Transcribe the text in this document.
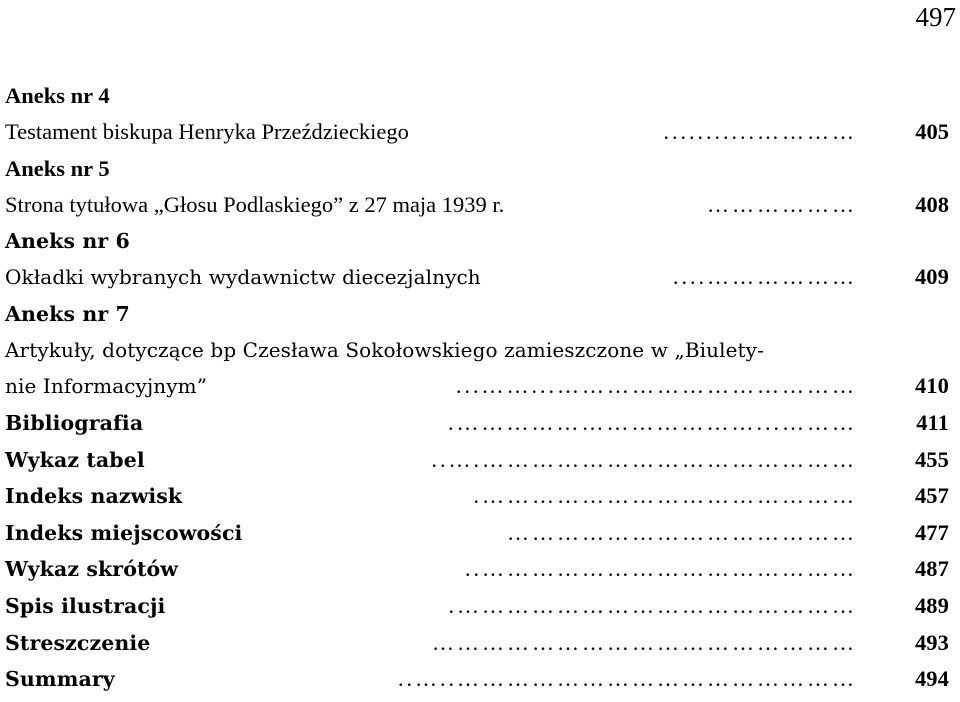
497
Aneks nr 4
…………...........
Testament biskupa Henryka Przeździeckiego	405
Aneks nr 5
………………
Strona tytułowa „Głosu Podlaskiego” z 27 maja 1939 r.	408
Aneks nr 6
………………....
Okładki wybranych wydawnictw diecezjalnych	409
Aneks nr 7
Artykuły, dotyczące bp Czesława Sokołowskiego zamieszczone w „Biulety-
………………………………...……...
nie Informacyjnym”	410
………...……………………………….
Bibliografia	411
……………………………………….…..
Wykaz tabel	455
……………………………………….
Indeks nazwisk	457
……………………………………
Indeks miejscowości	477
………………………………………..
Wykaz skrótów	487
………………………………………….
Spis ilustracji	489
……………………………………………
Streszczenie	493
…………………………………………..…..
Summary	494
